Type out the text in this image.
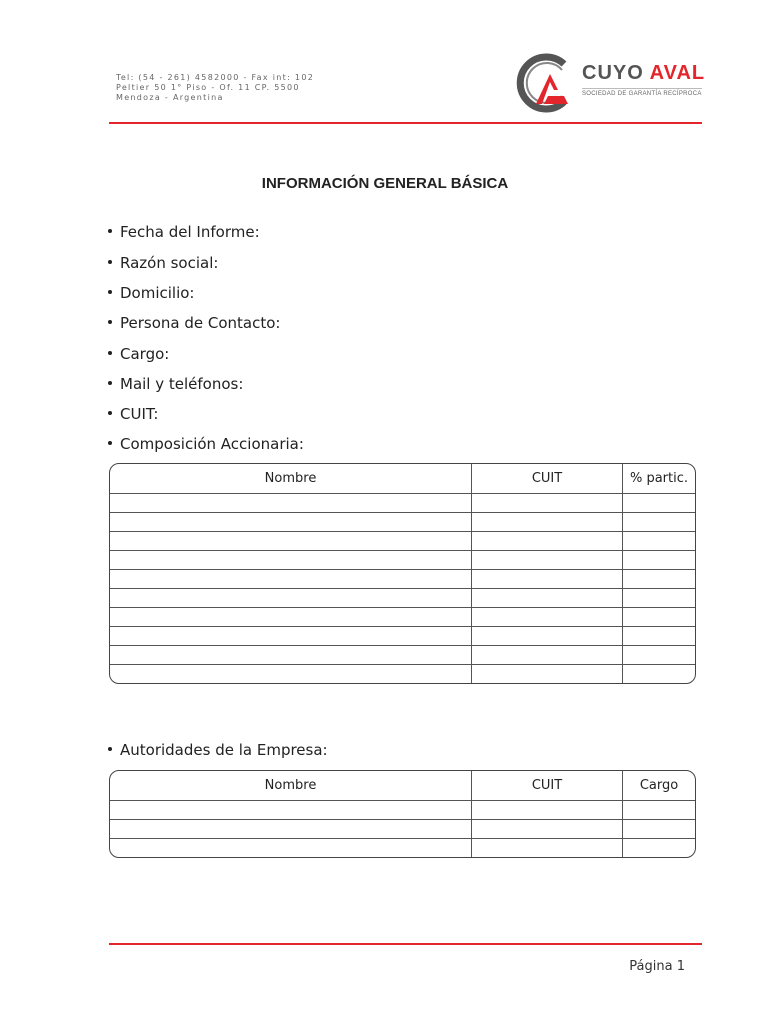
Tel: (54 - 261) 4582000 - Fax int: 102
Peltier 50 1° Piso - Of. 11 CP. 5500
Mendoza - Argentina
CUYO AVAL
SOCIEDAD DE GARANTÍA RECÍPROCA
INFORMACIÓN GENERAL BÁSICA
Fecha del Informe:
Razón social:
Domicilio:
Persona de Contacto:
Cargo:
Mail y teléfonos:
CUIT:
Composición Accionaria:
Nombre	CUIT	% partic.

Autoridades de la Empresa:
Nombre	CUIT	Cargo

Página 1
